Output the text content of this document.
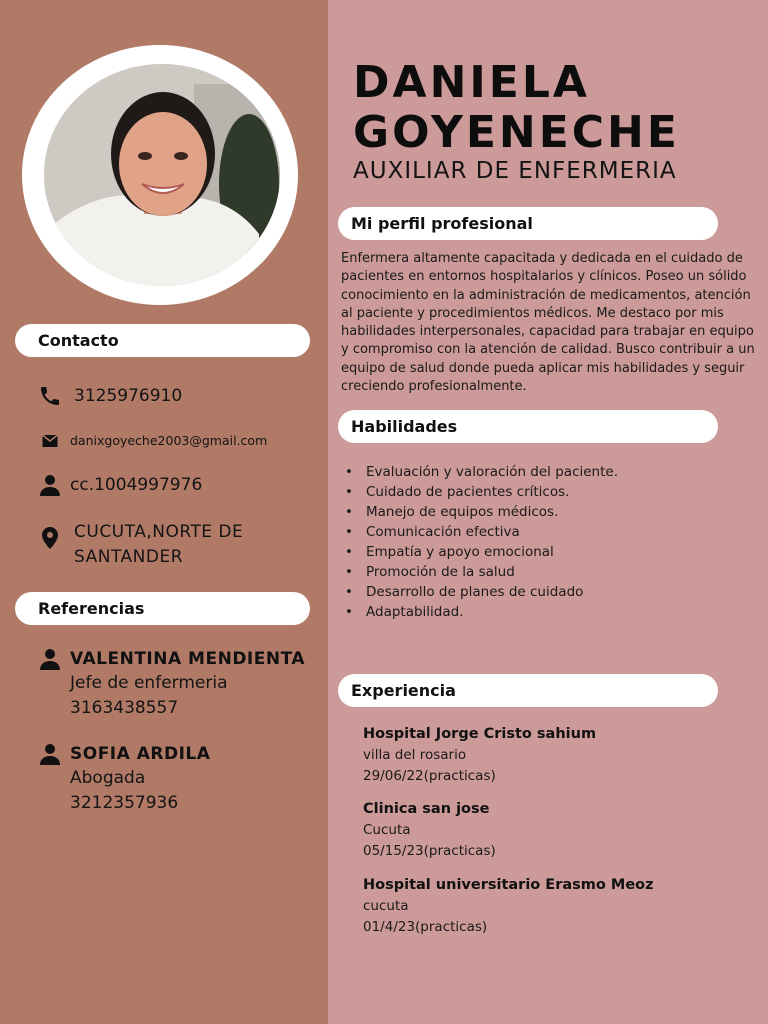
DANIELA
GOYENECHE
AUXILIAR DE ENFERMERIA
Contacto
Referencias
3125976910
danixgoyeche2003@gmail.com
cc.1004997976
CUCUTA,NORTE DE
SANTANDER
VALENTINA MENDIENTA
Jefe de enfermeria
3163438557
SOFIA ARDILA
Abogada
3212357936
Mi perfil profesional
Habilidades
Experiencia
Enfermera altamente capacitada y dedicada en el cuidado de pacientes en entornos hospitalarios y clínicos. Poseo un sólido conocimiento en la administración de medicamentos, atención al paciente y procedimientos médicos. Me destaco por mis habilidades interpersonales, capacidad para trabajar en equipo y compromiso con la atención de calidad. Busco contribuir a un equipo de salud donde pueda aplicar mis habilidades y seguir creciendo profesionalmente.
• Evaluación y valoración del paciente.
• Cuidado de pacientes críticos.
• Manejo de equipos médicos.
• Comunicación efectiva
• Empatía y apoyo emocional
• Promoción de la salud
• Desarrollo de planes de cuidado
• Adaptabilidad.
Hospital Jorge Cristo sahium
villa del rosario
29/06/22(practicas)
Clinica san jose
Cucuta
05/15/23(practicas)
Hospital universitario Erasmo Meoz
cucuta
01/4/23(practicas)
